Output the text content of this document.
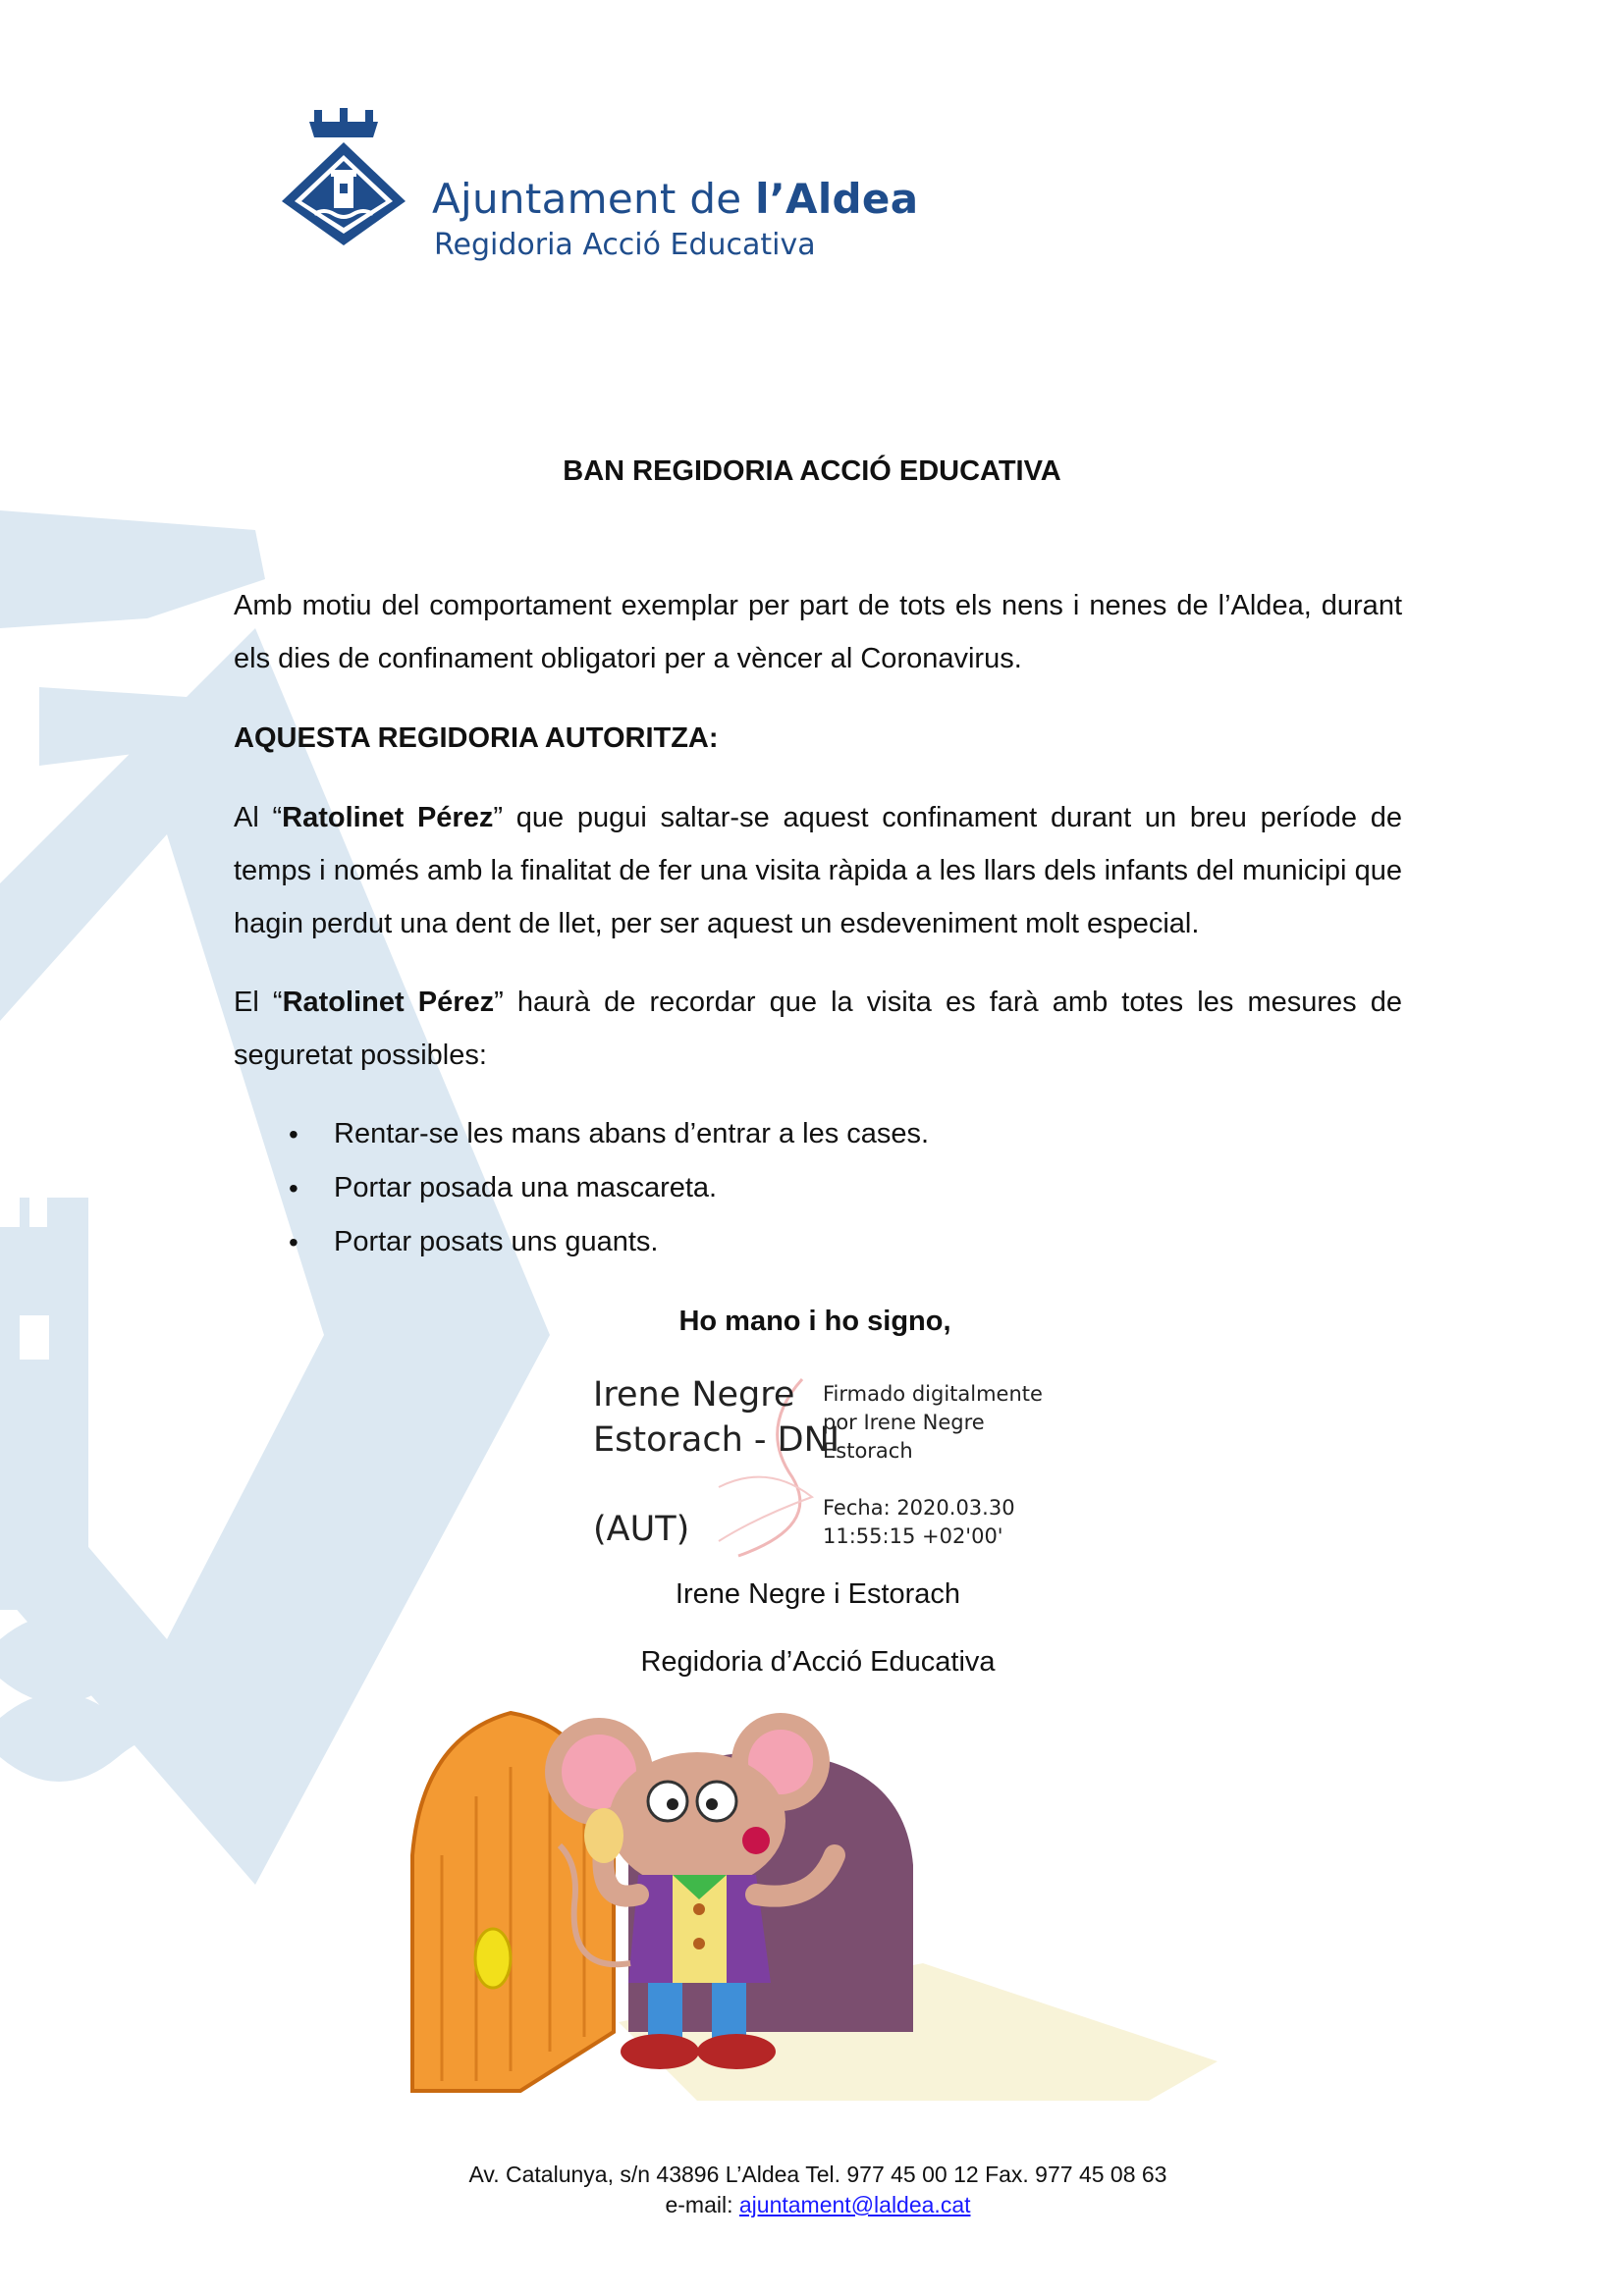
Ajuntament de l’Aldea
Regidoria Acció Educativa
BAN REGIDORIA ACCIÓ EDUCATIVA
Amb motiu del comportament exemplar per part de tots els nens i nenes de l’Aldea, durant els dies de confinament obligatori per a vèncer al Coronavirus.
AQUESTA REGIDORIA AUTORITZA:
Al “Ratolinet Pérez” que pugui saltar-se aquest confinament durant un breu període de temps i només amb la finalitat de fer una visita ràpida a les llars dels infants del municipi que hagin perdut una dent de llet, per ser aquest un esdeveniment molt especial.
El “Ratolinet Pérez” haurà de recordar que la visita es farà amb totes les mesures de seguretat possibles:
• Rentar-se les mans abans d’entrar a les cases.
• Portar posada una mascareta.
• Portar posats uns guants.
Ho mano i ho signo,
Irene Negre
Estorach - DNI
(AUT)
Firmado digitalmente
por Irene Negre
Estorach
Fecha: 2020.03.30
11:55:15 +02'00'
Irene Negre i Estorach
Regidoria d’Acció Educativa
Av. Catalunya, s/n 43896 L’Aldea Tel. 977 45 00 12 Fax. 977 45 08 63
e-mail: ajuntament@laldea.cat
